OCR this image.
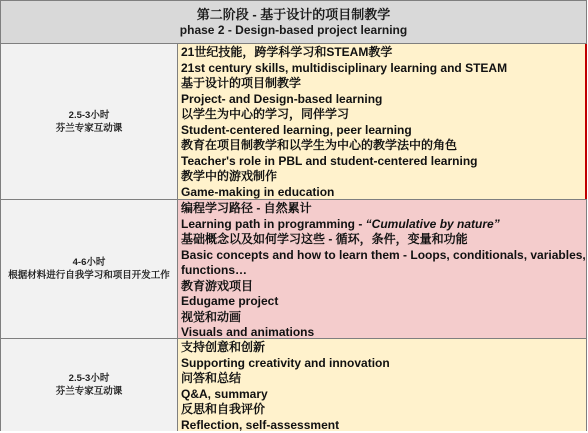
第二阶段 - 基于设计的项目制教学
phase 2 - Design-based project learning
2.5-3小时
芬兰专家互动课
21世纪技能，跨学科学习和STEAM教学
21st century skills, multidisciplinary learning and STEAM
基于设计的项目制教学
Project- and Design-based learning
以学生为中心的学习，同伴学习
Student-centered learning, peer learning
教育在项目制教学和以学生为中心的教学法中的角色
Teacher's role in PBL and student-centered learning
教学中的游戏制作
Game-making in education
4-6小时
根据材料进行自我学习和项目开发工作
编程学习路径 - 自然累计
Learning path in programming - “Cumulative by nature”
基础概念以及如何学习这些 - 循环，条件，变量和功能
Basic concepts and how to learn them - Loops, conditionals, variables,
functions…
教育游戏项目
Edugame project
视觉和动画
Visuals and animations
2.5-3小时
芬兰专家互动课
支持创意和创新
Supporting creativity and innovation
问答和总结
Q&A, summary
反思和自我评价
Reflection, self-assessment
